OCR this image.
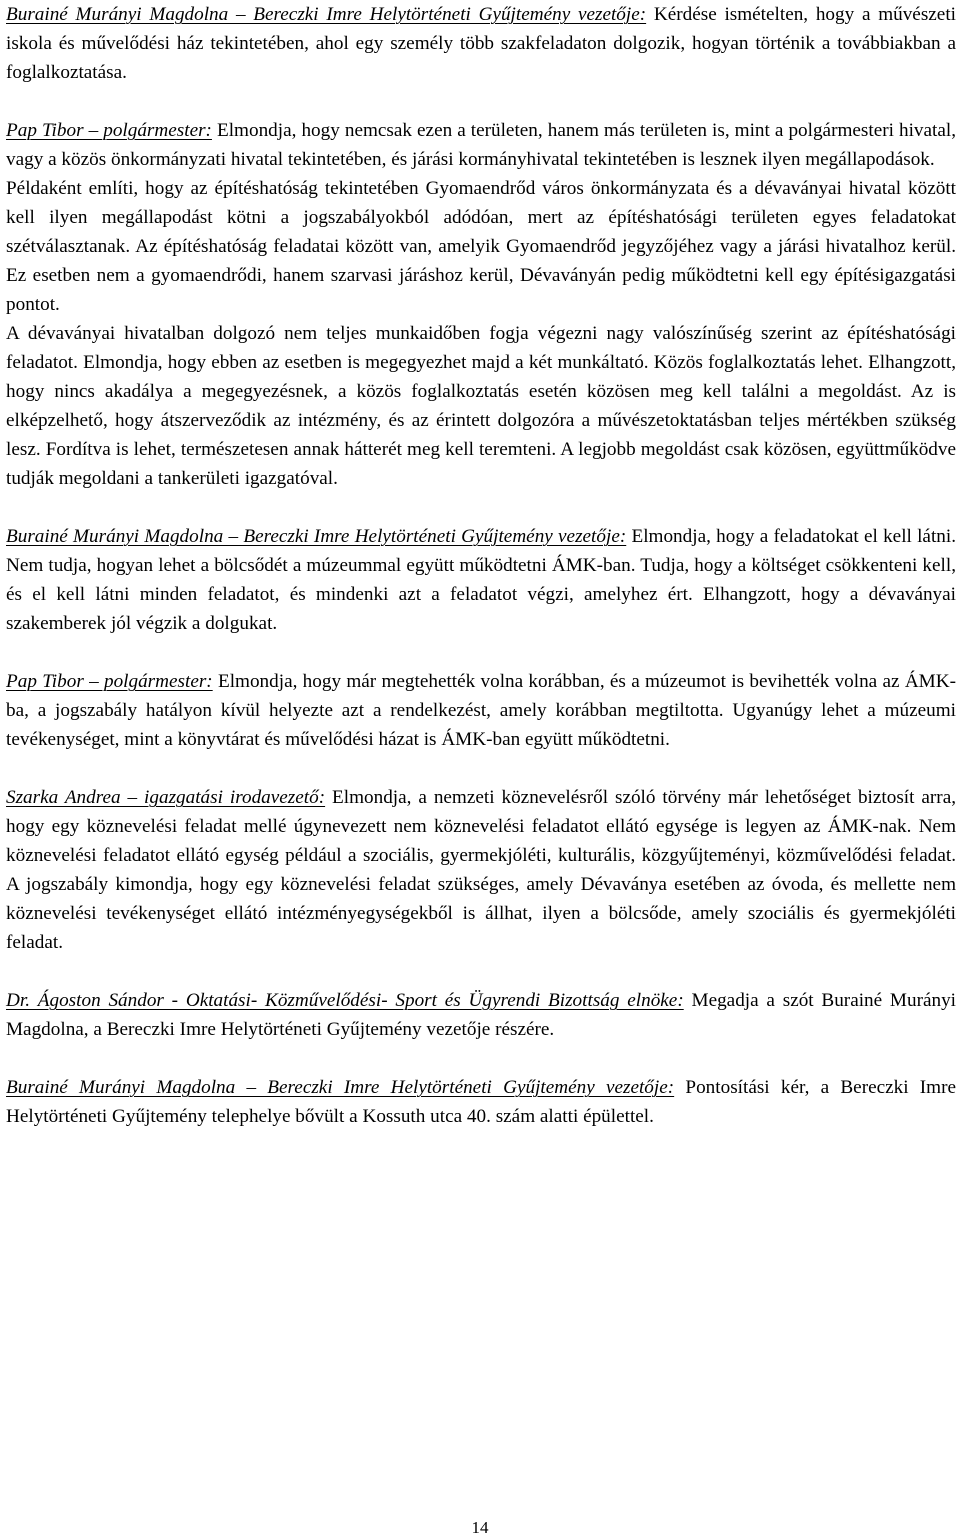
Burainé Murányi Magdolna – Bereczki Imre Helytörténeti Gyűjtemény vezetője: Kérdése ismételten, hogy a művészeti iskola és művelődési ház tekintetében, ahol egy személy több szakfeladaton dolgozik, hogyan történik a továbbiakban a foglalkoztatása.

Pap Tibor – polgármester: Elmondja, hogy nemcsak ezen a területen, hanem más területen is, mint a polgármesteri hivatal, vagy a közös önkormányzati hivatal tekintetében, és járási kormányhivatal tekintetében is lesznek ilyen megállapodások.

Példaként említi, hogy az építéshatóság tekintetében Gyomaendrőd város önkormányzata és a dévaványai hivatal között kell ilyen megállapodást kötni a jogszabályokból adódóan, mert az építéshatósági területen egyes feladatokat szétválasztanak. Az építéshatóság feladatai között van, amelyik Gyomaendrőd jegyzőjéhez vagy a járási hivatalhoz kerül. Ez esetben nem a gyomaendrődi, hanem szarvasi járáshoz kerül, Dévaványán pedig működtetni kell egy építésigazgatási pontot.

A dévaványai hivatalban dolgozó nem teljes munkaidőben fogja végezni nagy valószínűség szerint az építéshatósági feladatot. Elmondja, hogy ebben az esetben is megegyezhet majd a két munkáltató. Közös foglalkoztatás lehet. Elhangzott, hogy nincs akadálya a megegyezésnek, a közös foglalkoztatás esetén közösen meg kell találni a megoldást. Az is elképzelhető, hogy átszerveződik az intézmény, és az érintett dolgozóra a művészetoktatásban teljes mértékben szükség lesz. Fordítva is lehet, természetesen annak hátterét meg kell teremteni. A legjobb megoldást csak közösen, együttműködve tudják megoldani a tankerületi igazgatóval.

Burainé Murányi Magdolna – Bereczki Imre Helytörténeti Gyűjtemény vezetője: Elmondja, hogy a feladatokat el kell látni. Nem tudja, hogyan lehet a bölcsődét a múzeummal együtt működtetni ÁMK-ban. Tudja, hogy a költséget csökkenteni kell, és el kell látni minden feladatot, és mindenki azt a feladatot végzi, amelyhez ért. Elhangzott, hogy a dévaványai szakemberek jól végzik a dolgukat.

Pap Tibor – polgármester: Elmondja, hogy már megtehették volna korábban, és a múzeumot is bevihették volna az ÁMK-ba, a jogszabály hatályon kívül helyezte azt a rendelkezést, amely korábban megtiltotta. Ugyanúgy lehet a múzeumi tevékenységet, mint a könyvtárat és művelődési házat is ÁMK-ban együtt működtetni.

Szarka Andrea – igazgatási irodavezető: Elmondja, a nemzeti köznevelésről szóló törvény már lehetőséget biztosít arra, hogy egy köznevelési feladat mellé úgynevezett nem köznevelési feladatot ellátó egysége is legyen az ÁMK-nak. Nem köznevelési feladatot ellátó egység például a szociális, gyermekjóléti, kulturális, közgyűjteményi, közművelődési feladat. A jogszabály kimondja, hogy egy köznevelési feladat szükséges, amely Dévaványa esetében az óvoda, és mellette nem köznevelési tevékenységet ellátó intézményegységekből is állhat, ilyen a bölcsőde, amely szociális és gyermekjóléti feladat.

Dr. Ágoston Sándor - Oktatási- Közművelődési- Sport és Ügyrendi Bizottság elnöke: Megadja a szót Burainé Murányi Magdolna, a Bereczki Imre Helytörténeti Gyűjtemény vezetője részére.

Burainé Murányi Magdolna – Bereczki Imre Helytörténeti Gyűjtemény vezetője: Pontosítási kér, a Bereczki Imre Helytörténeti Gyűjtemény telephelye bővült a Kossuth utca 40. szám alatti épülettel.

14
